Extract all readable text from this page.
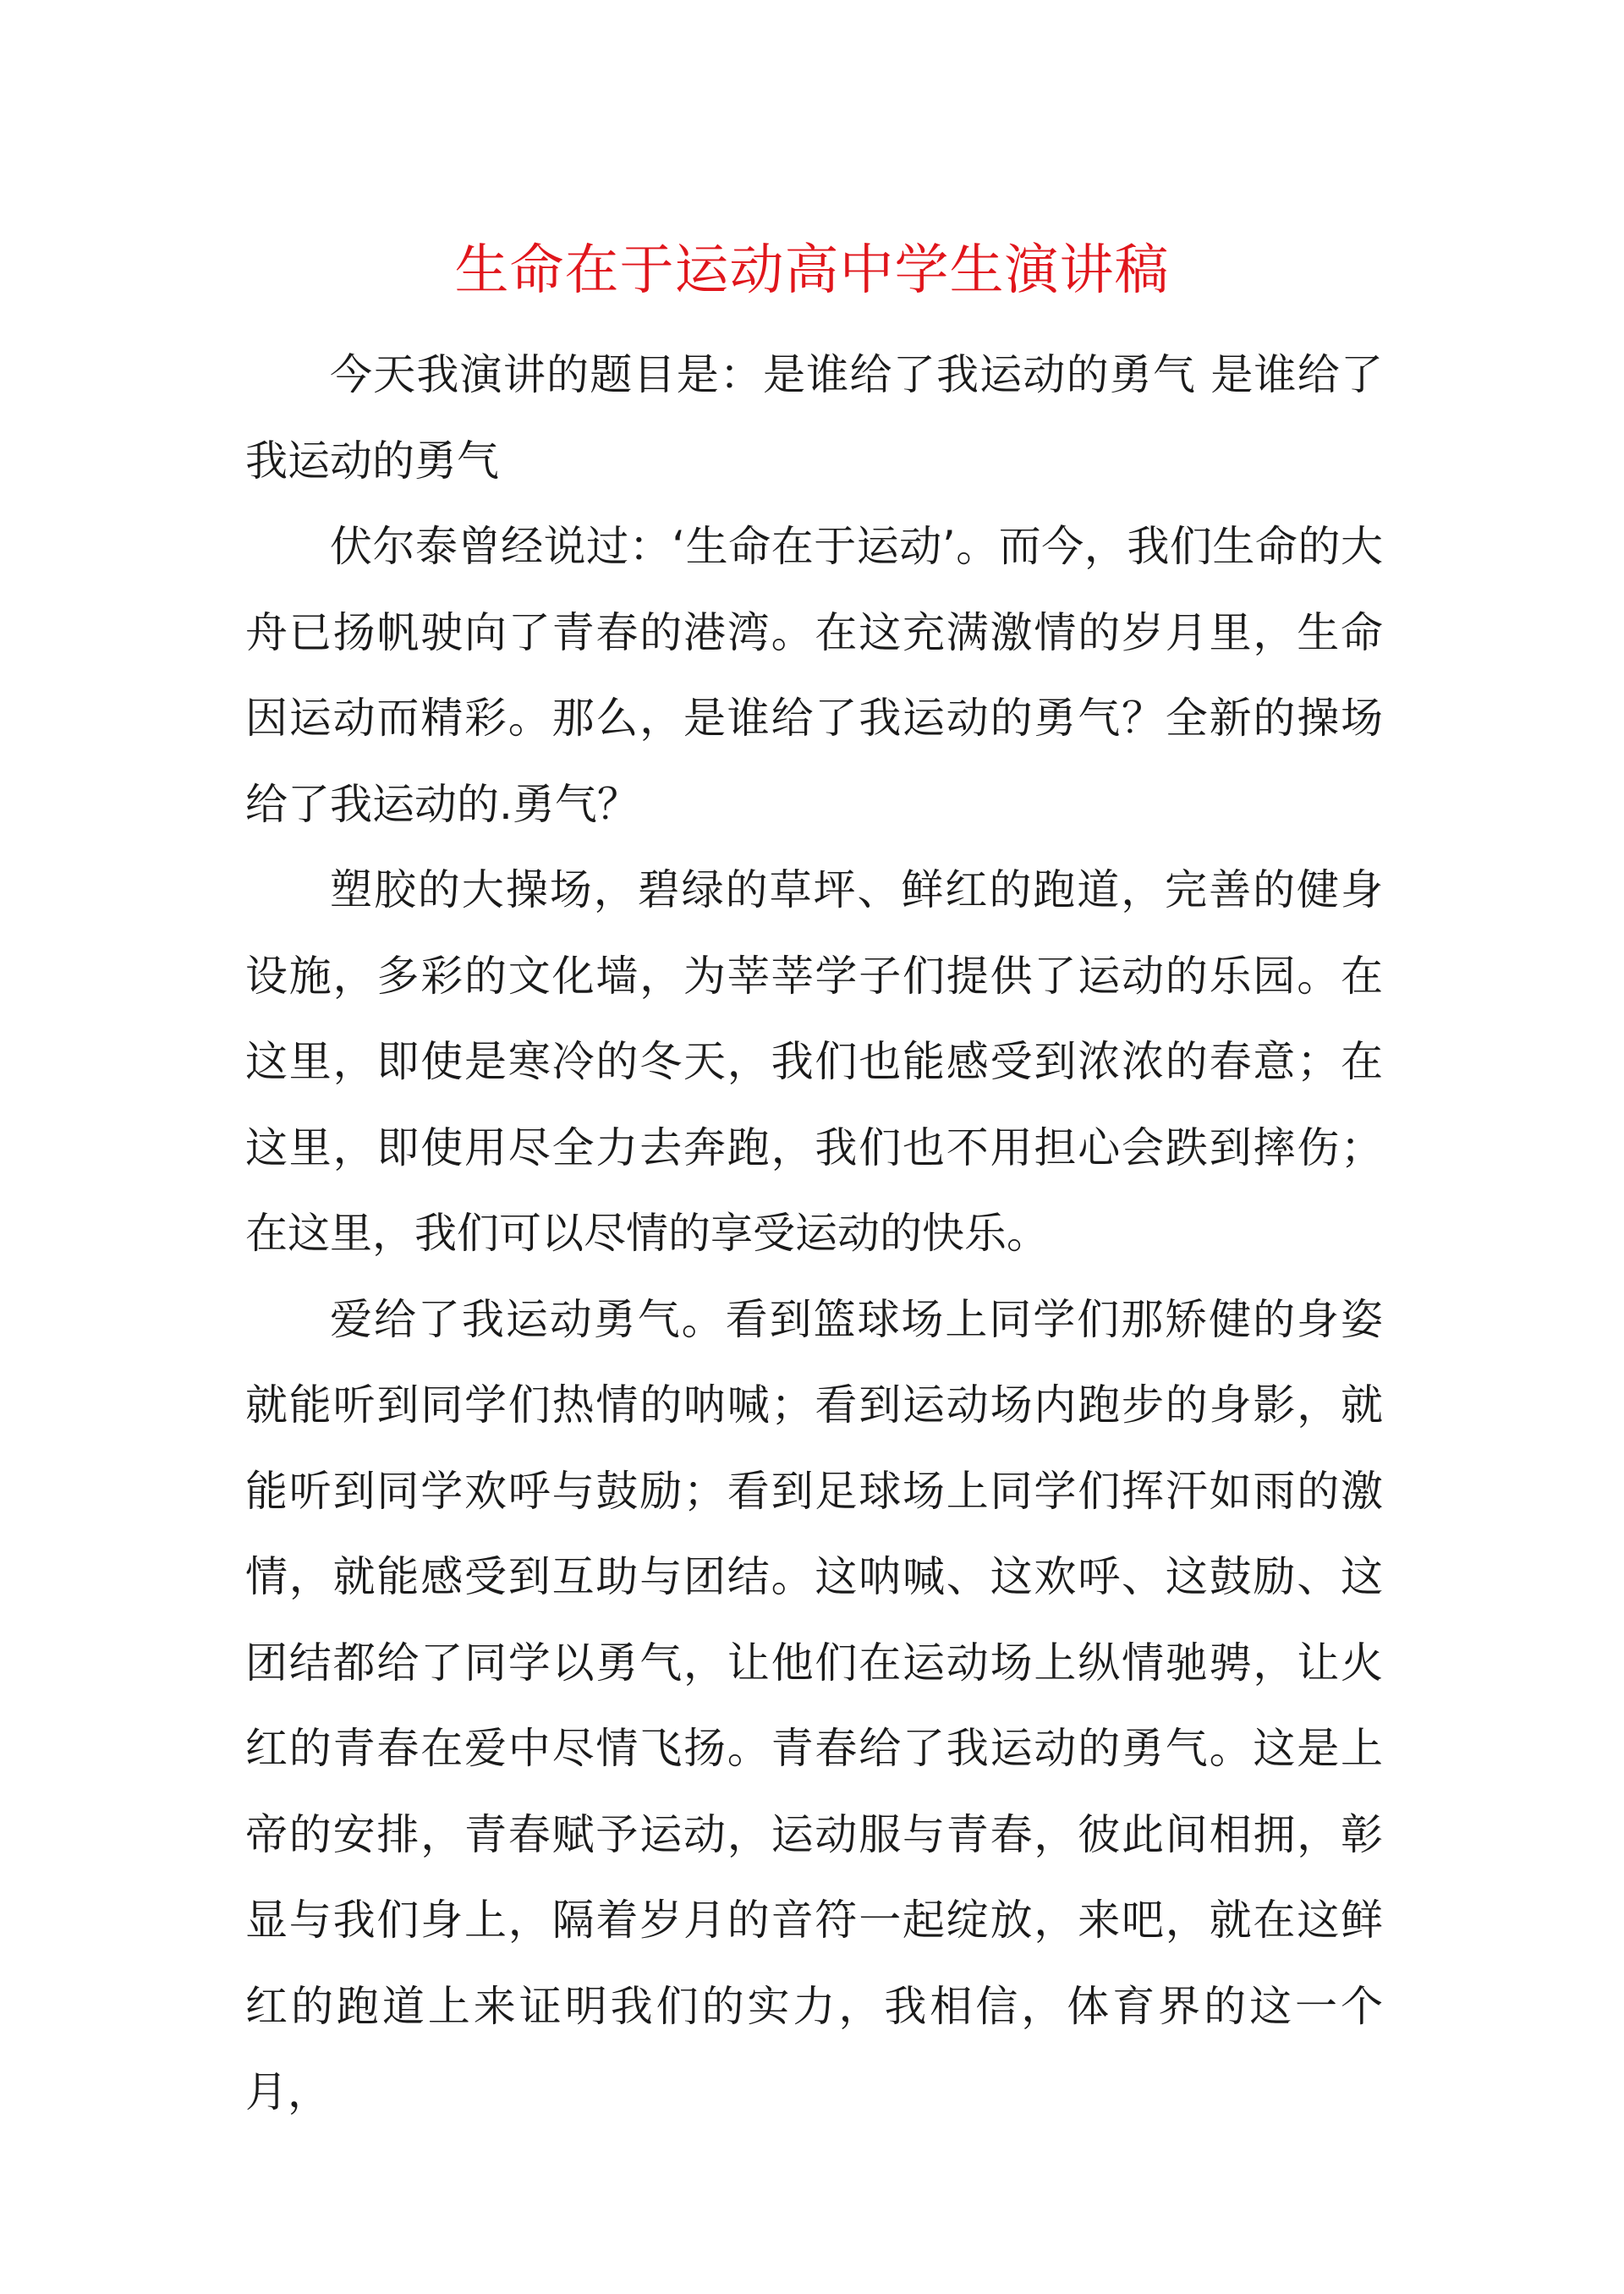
生命在于运动高中学生演讲稿

今天我演讲的题目是：是谁给了我运动的勇气 是谁给了我运动的勇气

伏尔泰曾经说过：‘生命在于运动’。而今，我们生命的大舟已扬帆驶向了青春的港湾。在这充满激情的岁月里，生命因运动而精彩。那么，是谁给了我运动的勇气？全新的操场给了我运动的.勇气？

塑胶的大操场，碧绿的草坪、鲜红的跑道，完善的健身设施，多彩的文化墙，为莘莘学子们提供了运动的乐园。在这里，即使是寒冷的冬天，我们也能感受到浓浓的春意；在这里，即使用尽全力去奔跑，我们也不用担心会跌到摔伤；在这里，我们可以尽情的享受运动的快乐。

爱给了我运动勇气。看到篮球场上同学们那矫健的身姿就能听到同学们热情的呐喊；看到运动场内跑步的身影，就能听到同学欢呼与鼓励；看到足球场上同学们挥汗如雨的激情，就能感受到互助与团结。这呐喊、这欢呼、这鼓励、这团结都给了同学以勇气，让他们在运动场上纵情驰骋，让火红的青春在爱中尽情飞扬。青春给了我运动的勇气。这是上帝的安排，青春赋予运动，运动服与青春，彼此间相拥，彰显与我们身上，隔着岁月的音符一起绽放，来吧，就在这鲜红的跑道上来证明我们的实力，我相信，体育界的这一个月，
